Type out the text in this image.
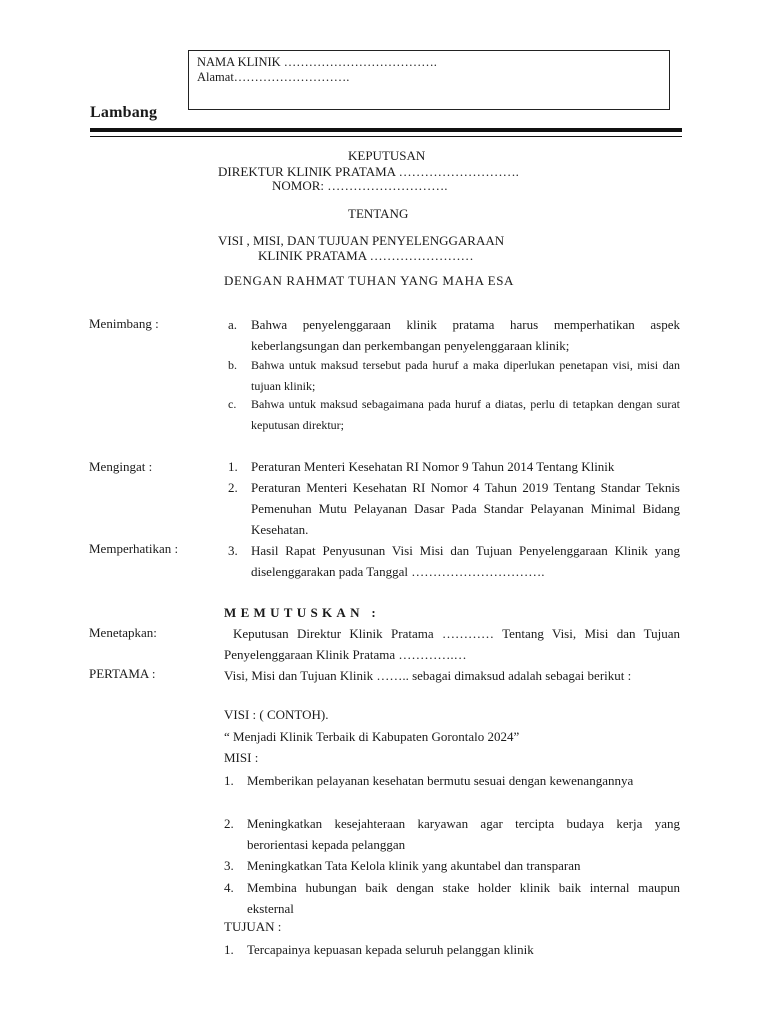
NAMA KLINIK ……………………………….
Alamat……………………….
Lambang
KEPUTUSAN
DIREKTUR KLINIK PRATAMA ……………………….
NOMOR: ……………………….
TENTANG
VISI , MISI, DAN TUJUAN PENYELENGGARAAN
KLINIK PRATAMA ……………………
DENGAN RAHMAT TUHAN YANG MAHA ESA
Menimbang :	a. Bahwa penyelenggaraan klinik pratama harus memperhatikan aspek keberlangsungan dan perkembangan penyelenggaraan klinik;
b. Bahwa untuk maksud tersebut pada huruf a maka diperlukan penetapan visi, misi dan tujuan klinik;
c. Bahwa untuk maksud sebagaimana pada huruf a diatas, perlu di tetapkan dengan surat keputusan direktur;
Mengingat :	1. Peraturan Menteri Kesehatan RI Nomor 9 Tahun 2014 Tentang Klinik
2. Peraturan Menteri Kesehatan RI Nomor 4 Tahun 2019 Tentang Standar Teknis Pemenuhan Mutu Pelayanan Dasar Pada Standar Pelayanan Minimal Bidang Kesehatan.
Memperhatikan :	3. Hasil Rapat Penyusunan Visi Misi dan Tujuan Penyelenggaraan Klinik yang diselenggarakan pada Tanggal ………………………….
MEMUTUSKAN :
Menetapkan:	Keputusan Direktur Klinik Pratama ………… Tentang Visi, Misi dan Tujuan Penyelenggaraan Klinik Pratama ………….…
PERTAMA :	Visi, Misi dan Tujuan Klinik …….. sebagai dimaksud adalah sebagai berikut :
VISI : ( CONTOH).
“ Menjadi Klinik Terbaik di Kabupaten Gorontalo 2024”
MISI :
1. Memberikan pelayanan kesehatan bermutu sesuai dengan kewenangannya
2. Meningkatkan kesejahteraan karyawan agar tercipta budaya kerja yang berorientasi kepada pelanggan
3. Meningkatkan Tata Kelola klinik yang akuntabel dan transparan
4. Membina hubungan baik dengan stake holder klinik baik internal maupun eksternal
TUJUAN :
1. Tercapainya kepuasan kepada seluruh pelanggan klinik
